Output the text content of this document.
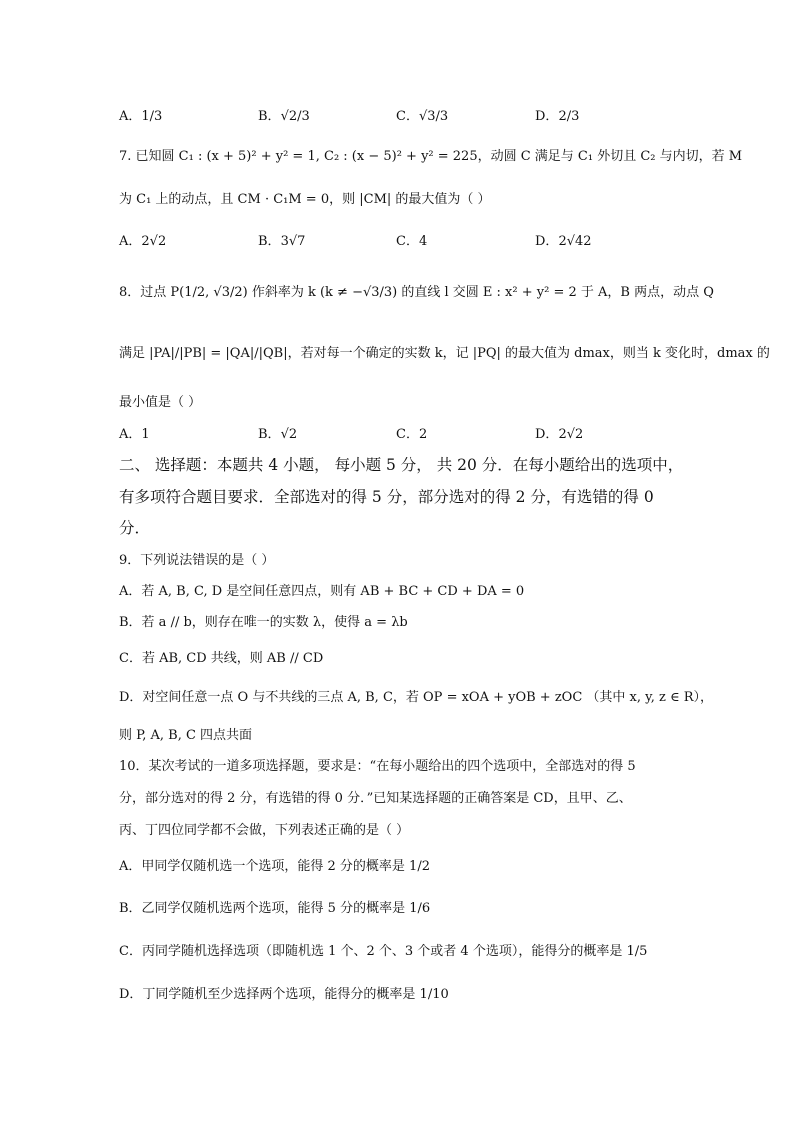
A．1/3	B．√2/3	C．√3/3	D．2/3
7. 已知圆 C₁ : (x + 5)² + y² = 1, C₂ : (x − 5)² + y² = 225，动圆 C 满足与 C₁ 外切且 C₂ 与内切，若 M
为 C₁ 上的动点，且 CM · C₁M = 0，则 |CM| 的最大值为（ ）
A．2√2	B．3√7	C．4	D．2√42
8．过点 P(1/2, √3/2) 作斜率为 k (k ≠ −√3/3) 的直线 l 交圆 E : x² + y² = 2 于 A，B 两点，动点 Q
满足 |PA|/|PB| = |QA|/|QB|，若对每一个确定的实数 k，记 |PQ| 的最大值为 dmax，则当 k 变化时，dmax 的
最小值是（ ）
A．1	B．√2	C．2	D．2√2
二、 选择题：本题共 4 小题， 每小题 5 分， 共 20 分．在每小题给出的选项中，
有多项符合题目要求．全部选对的得 5 分，部分选对的得 2 分，有选错的得 0
分．
9．下列说法错误的是（ ）
A．若 A, B, C, D 是空间任意四点，则有 AB + BC + CD + DA = 0
B．若 a // b，则存在唯一的实数 λ，使得 a = λb
C．若 AB, CD 共线，则 AB // CD
D．对空间任意一点 O 与不共线的三点 A, B, C，若 OP = xOA + yOB + zOC （其中 x, y, z ∈ R），
则 P, A, B, C 四点共面
10．某次考试的一道多项选择题，要求是：“在每小题给出的四个选项中，全部选对的得 5
分，部分选对的得 2 分，有选错的得 0 分．”已知某选择题的正确答案是 CD，且甲、乙、
丙、丁四位同学都不会做，下列表述正确的是（ ）
A．甲同学仅随机选一个选项，能得 2 分的概率是 1/2
B．乙同学仅随机选两个选项，能得 5 分的概率是 1/6
C．丙同学随机选择选项（即随机选 1 个、2 个、3 个或者 4 个选项），能得分的概率是 1/5
D．丁同学随机至少选择两个选项，能得分的概率是 1/10
